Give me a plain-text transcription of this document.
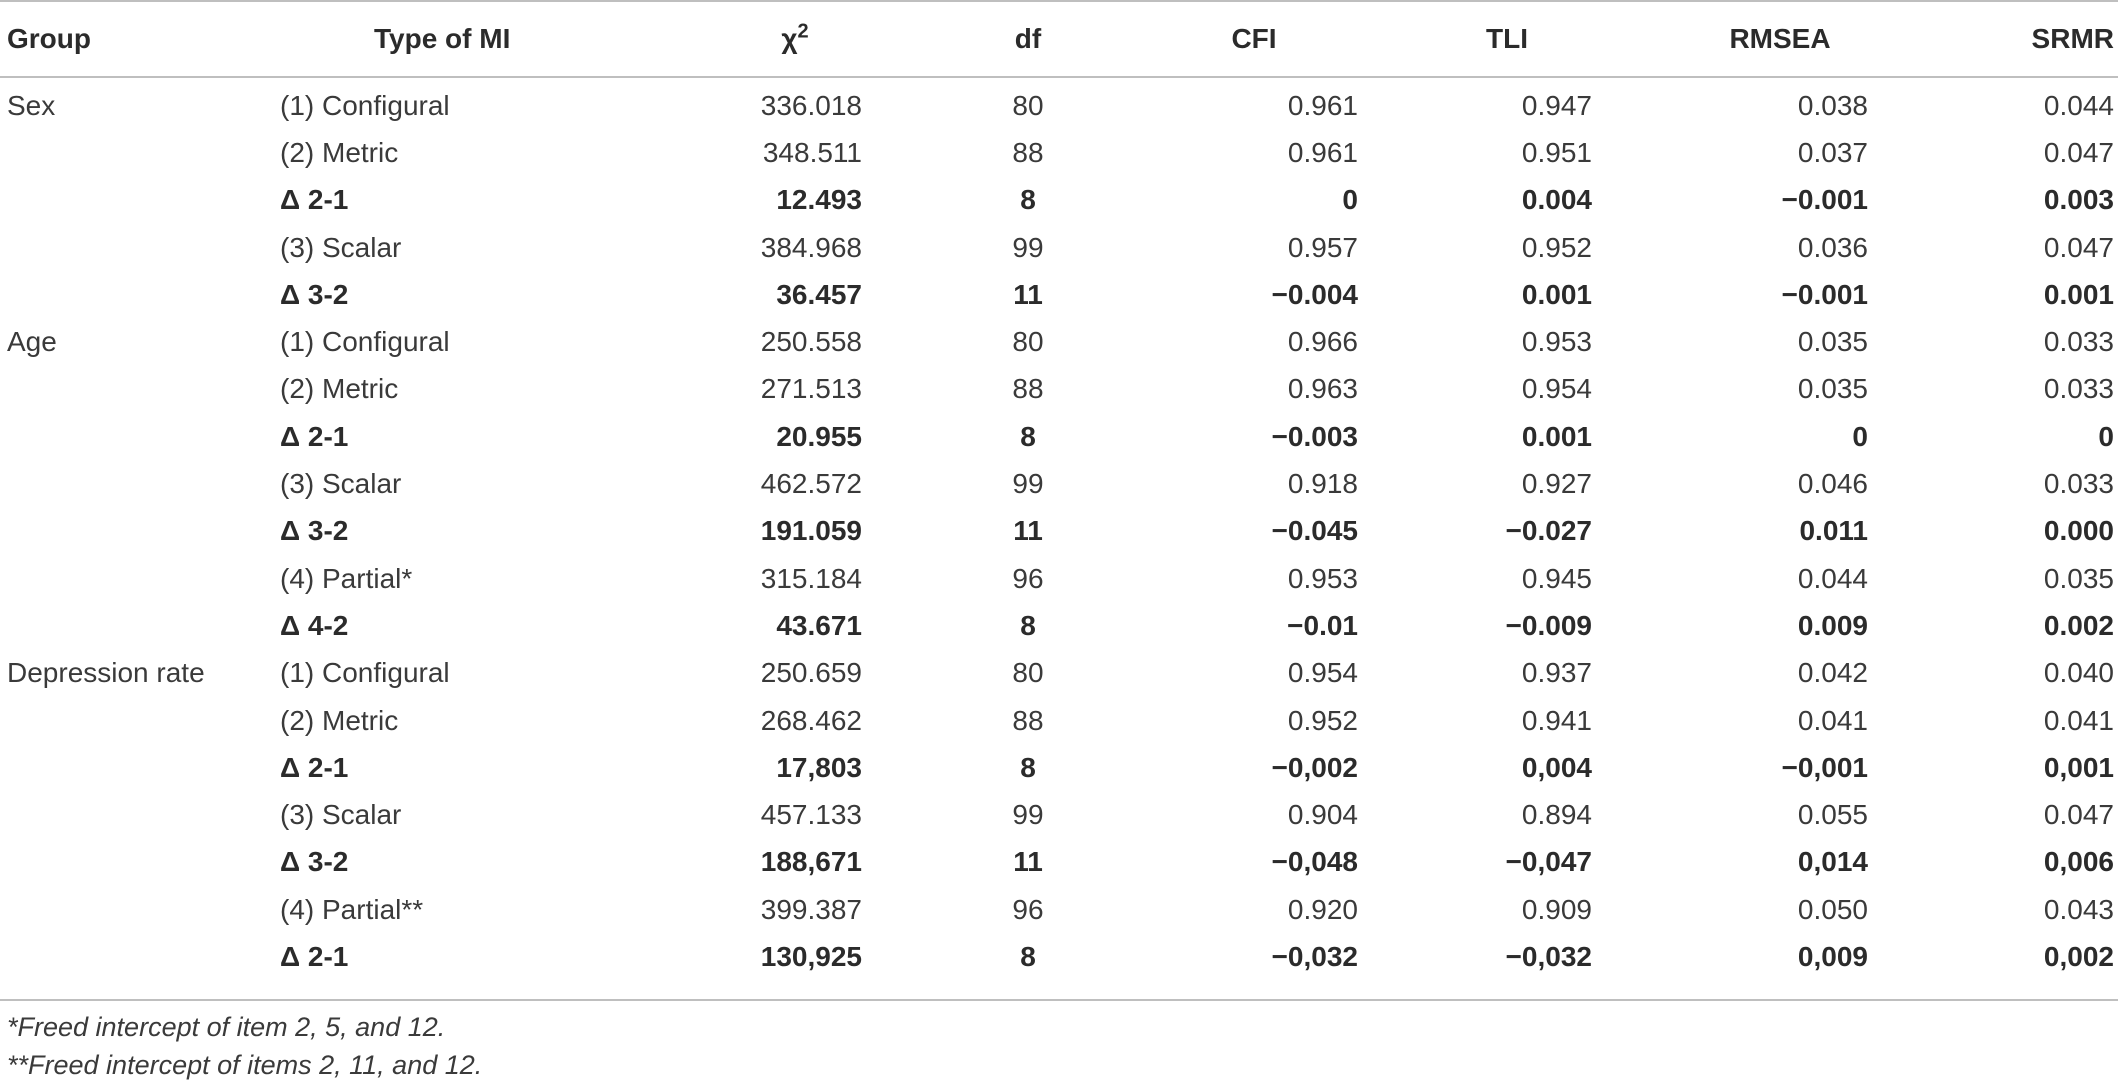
Group	Type of MI	$\chi^2$	df	CFI	TLI	RMSEA	SRMR
Sex	(1) Configural	336.018	80	0.961	0.947	0.038	0.044
	(2) Metric	348.511	88	0.961	0.951	0.037	0.047
	Δ 2-1	12.493	8	0	0.004	−0.001	0.003
	(3) Scalar	384.968	99	0.957	0.952	0.036	0.047
	Δ 3-2	36.457	11	−0.004	0.001	−0.001	0.001
Age	(1) Configural	250.558	80	0.966	0.953	0.035	0.033
	(2) Metric	271.513	88	0.963	0.954	0.035	0.033
	Δ 2-1	20.955	8	−0.003	0.001	0	0
	(3) Scalar	462.572	99	0.918	0.927	0.046	0.033
	Δ 3-2	191.059	11	−0.045	−0.027	0.011	0.000
	(4) Partial*	315.184	96	0.953	0.945	0.044	0.035
	Δ 4-2	43.671	8	−0.01	−0.009	0.009	0.002
Depression rate	(1) Configural	250.659	80	0.954	0.937	0.042	0.040
	(2) Metric	268.462	88	0.952	0.941	0.041	0.041
	Δ 2-1	17,803	8	−0,002	0,004	−0,001	0,001
	(3) Scalar	457.133	99	0.904	0.894	0.055	0.047
	Δ 3-2	188,671	11	−0,048	−0,047	0,014	0,006
	(4) Partial**	399.387	96	0.920	0.909	0.050	0.043
	Δ 2-1	130,925	8	−0,032	−0,032	0,009	0,002
*Freed intercept of item 2, 5, and 12.
**Freed intercept of items 2, 11, and 12.
